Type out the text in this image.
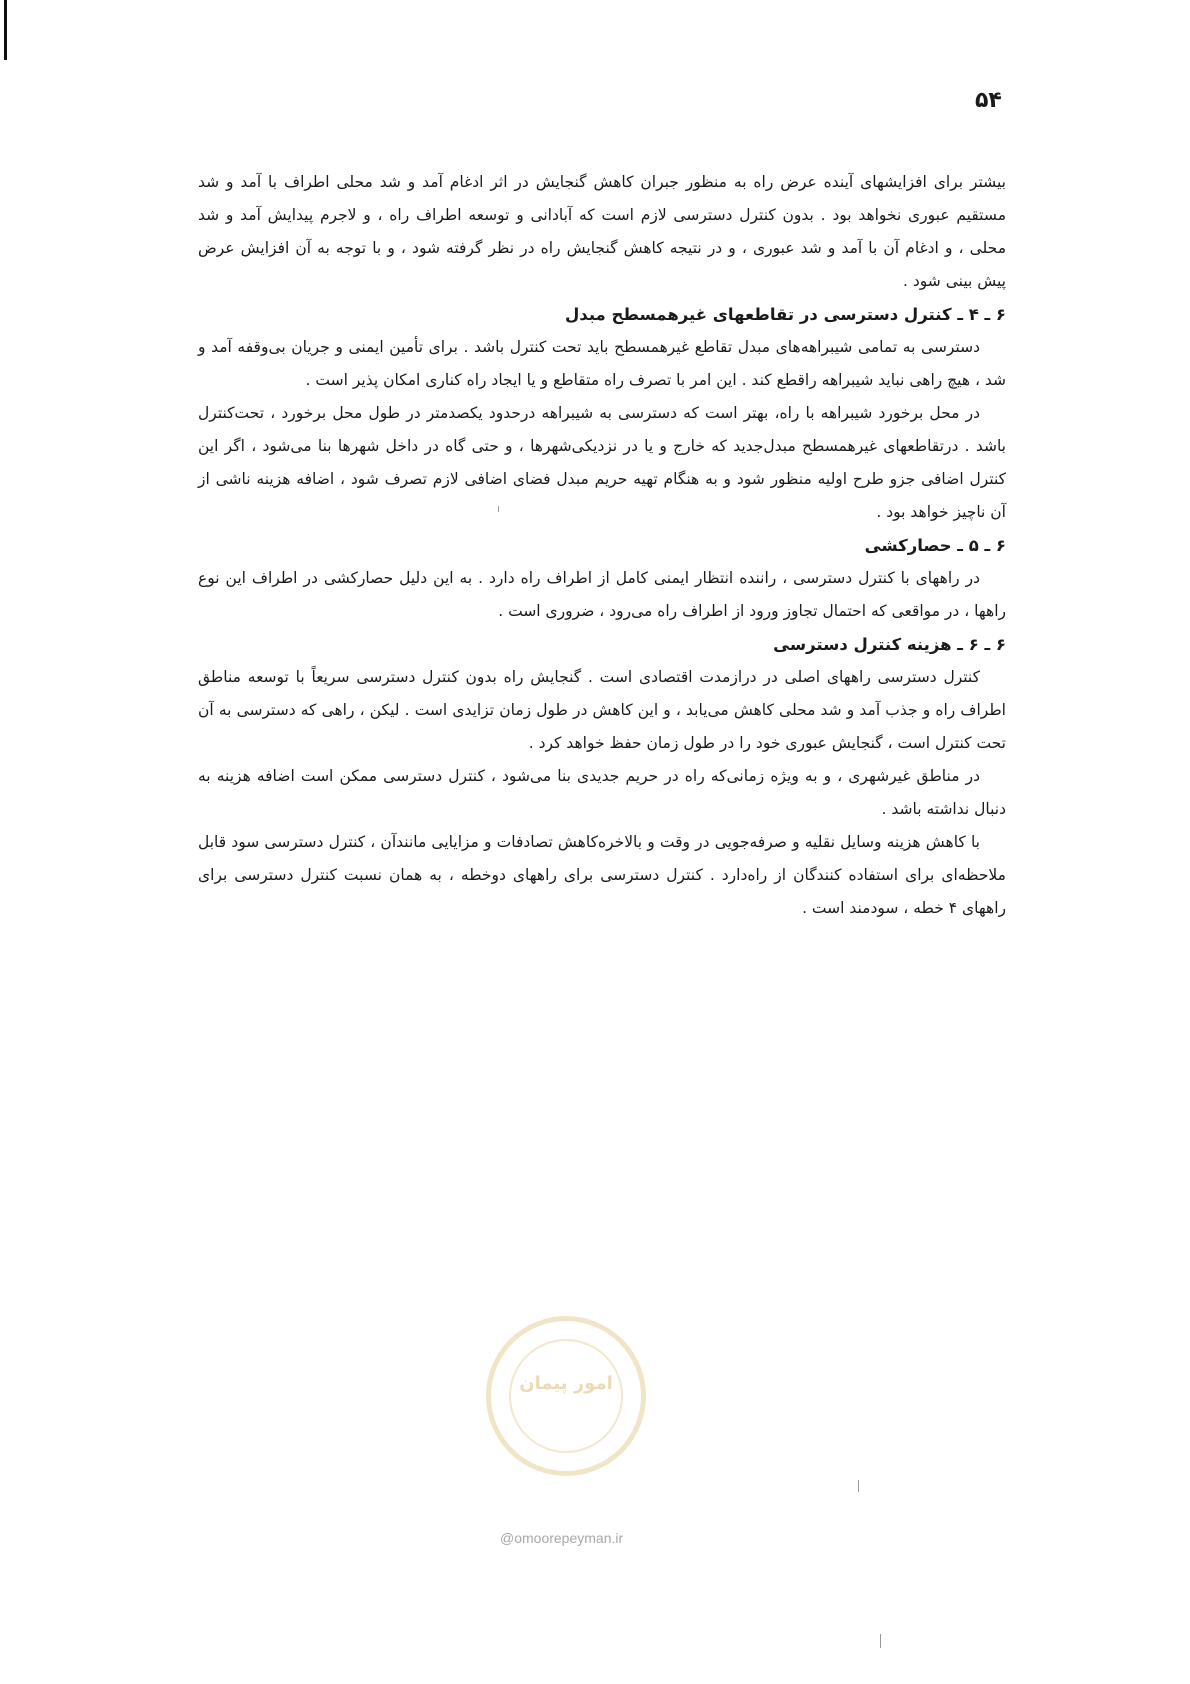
۵۴

بیشتر برای افزایشهای آینده عرض راه به منظور جبران کاهش گنجایش در اثر ادغام آمد و شد محلی اطراف با آمد و شد مستقیم عبوری نخواهد بود . بدون کنترل دسترسی لازم است که آبادانی و توسعه اطراف راه ، و لاجرم پیدایش آمد و شد محلی ، و ادغام آن با آمد و شد عبوری ، و در نتیجه کاهش گنجایش راه در نظر گرفته شود ، و با توجه به آن افزایش عرض پیش بینی شود .

۶ ـ ۴ ـ کنترل دسترسی در تقاطعهای غیرهمسطح مبدل

دسترسی به تمامی شیبراهه‌های مبدل تقاطع غیرهمسطح باید تحت کنترل باشد . برای تأمین ایمنی و جریان بی‌وقفه آمد و شد ، هیچ راهی نباید شیبراهه راقطع کند . این امر با تصرف راه متقاطع و یا ایجاد راه کناری امکان پذیر است .

در محل برخورد شیبراهه با راه، بهتر است که دسترسی به شیبراهه درحدود یکصدمتر در طول محل برخورد ، تحت‌کنترل باشد . درتقاطعهای غیرهمسطح مبدل‌جدید که خارج و یا در نزدیکی‌شهرها ، و حتی گاه در داخل شهرها بنا می‌شود ، اگر این کنترل اضافی جزو طرح اولیه منظور شود و به هنگام تهیه حریم مبدل فضای اضافی لازم تصرف شود ، اضافه هزینه ناشی از آن ناچیز خواهد بود .

۶ ـ ۵ ـ حصارکشی

در راههای با کنترل دسترسی ، راننده انتظار ایمنی کامل از اطراف راه دارد . به این دلیل حصارکشی در اطراف این نوع راهها ، در مواقعی که احتمال تجاوز ورود از اطراف راه می‌رود ، ضروری است .

۶ ـ ۶ ـ هزینه کنترل دسترسی

کنترل دسترسی راههای اصلی در درازمدت اقتصادی است . گنجایش راه بدون کنترل دسترسی سریعاً با توسعه مناطق اطراف راه و جذب آمد و شد محلی کاهش می‌یابد ، و این کاهش در طول زمان تزایدی است . لیکن ، راهی که دسترسی به آن تحت کنترل است ، گنجایش عبوری خود را در طول زمان حفظ خواهد کرد .

در مناطق غیرشهری ، و به ویژه زمانی‌که راه در حریم جدیدی بنا می‌شود ، کنترل دسترسی ممکن است اضافه هزینه به دنبال نداشته باشد .

با کاهش هزینه وسایل نقلیه و صرفه‌جویی در وقت و بالاخره‌کاهش تصادفات و مزایایی مانندآن ، کنترل دسترسی سود قابل ملاحظه‌ای برای استفاده کنندگان از راه‌دارد . کنترل دسترسی برای راههای دوخطه ، به همان نسبت کنترل دسترسی برای راههای ۴ خطه ، سودمند است .

امور پیمان
@omoorepeyman.ir
